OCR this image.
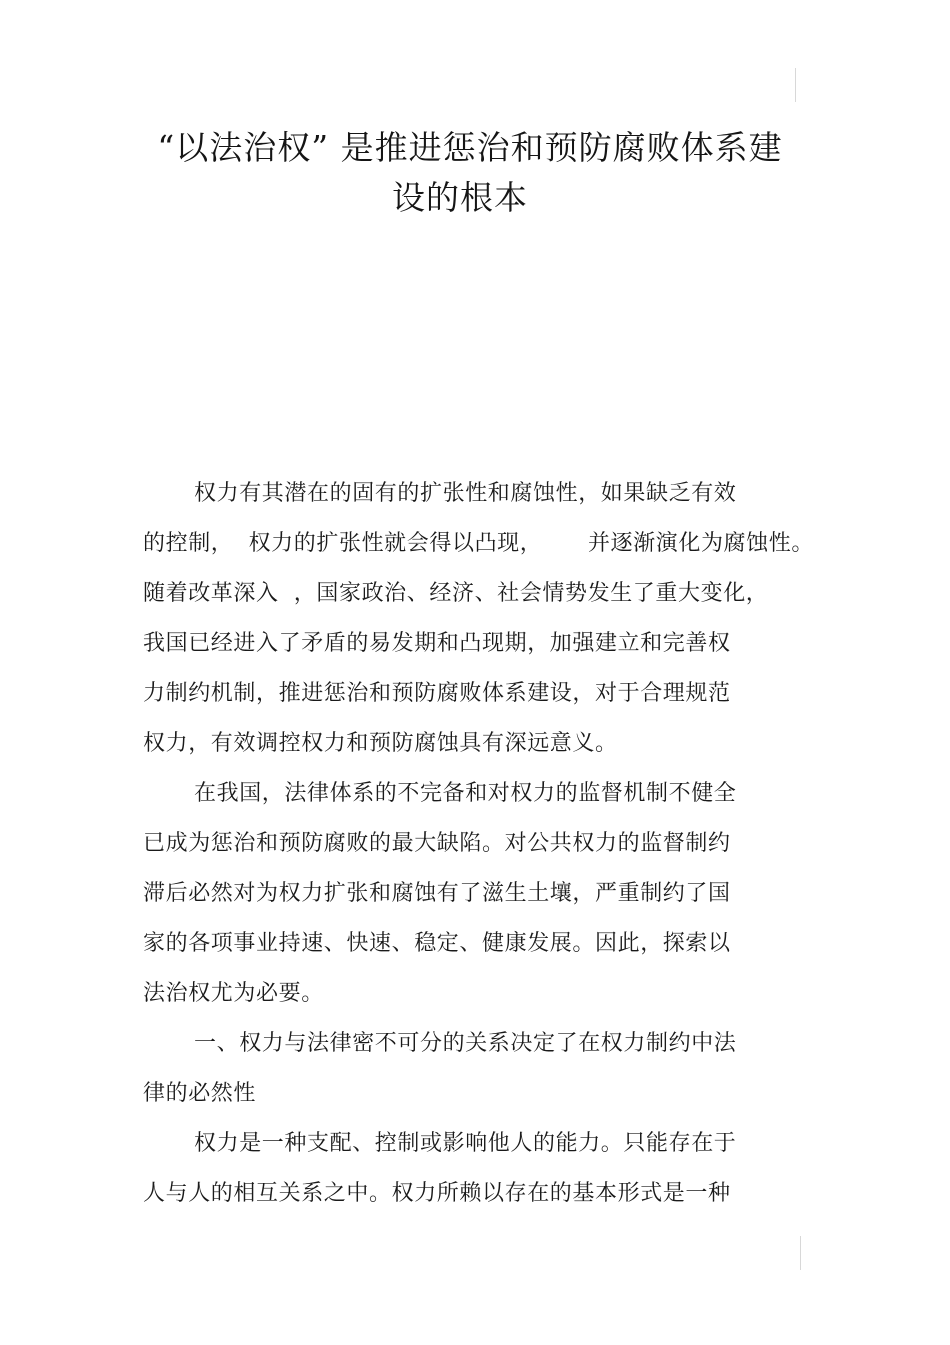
“以法治权” 是推进惩治和预防腐败体系建
设的根本
权力有其潜在的固有的扩张性和腐蚀性，如果缺乏有效
的控制，  权力的扩张性就会得以凸现，      并逐渐演化为腐蚀性。
随着改革深入  ，国家政治、经济、社会情势发生了重大变化，
我国已经进入了矛盾的易发期和凸现期，加强建立和完善权
力制约机制，推进惩治和预防腐败体系建设，对于合理规范
权力，有效调控权力和预防腐蚀具有深远意义。
在我国，法律体系的不完备和对权力的监督机制不健全
已成为惩治和预防腐败的最大缺陷。对公共权力的监督制约
滞后必然对为权力扩张和腐蚀有了滋生土壤，严重制约了国
家的各项事业持速、快速、稳定、健康发展。因此，探索以
法治权尤为必要。
一、权力与法律密不可分的关系决定了在权力制约中法
律的必然性
权力是一种支配、控制或影响他人的能力。只能存在于
人与人的相互关系之中。权力所赖以存在的基本形式是一种
